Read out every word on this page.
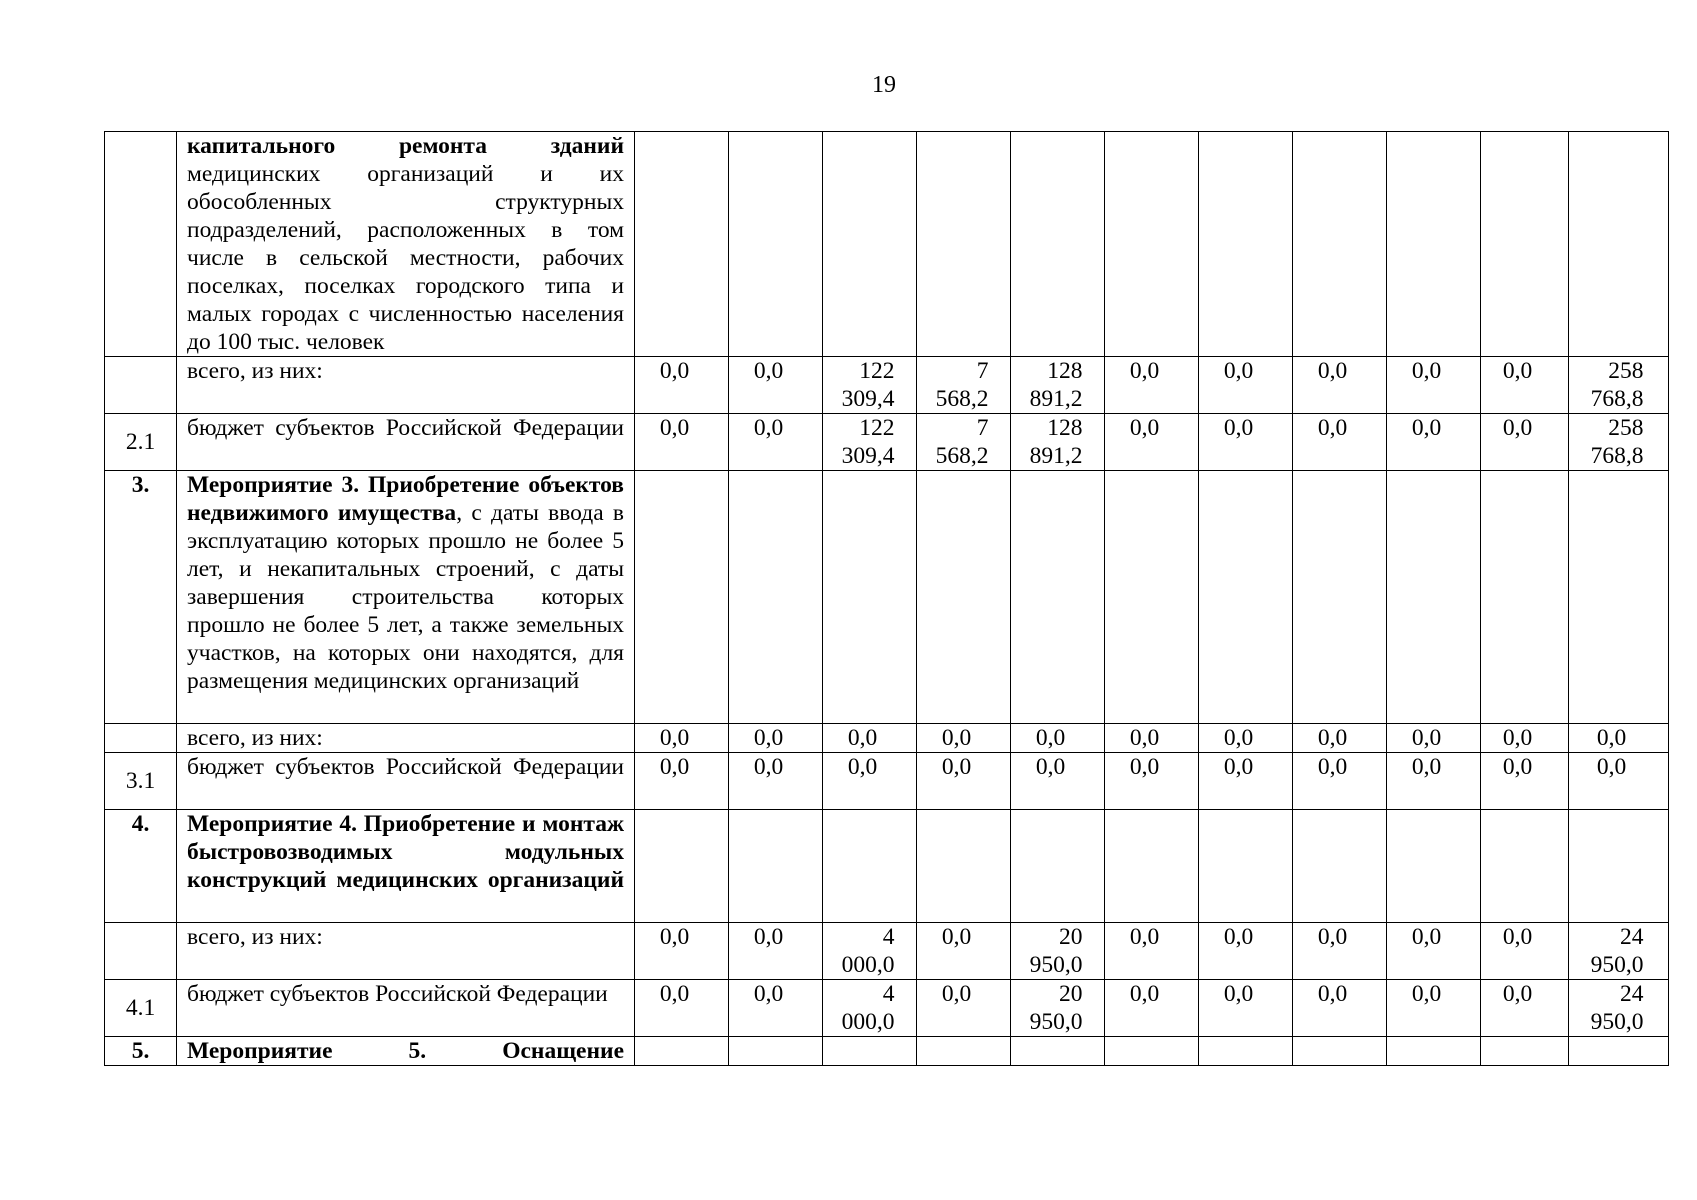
19
	капитального ремонта зданий медицинских организаций и их обособленных структурных подразделений, расположенных в том числе в сельской местности, рабочих поселках, поселках городского типа и малых городах с численностью населения до 100 тыс. человек											
	всего, из них:	0,0	0,0	122 309,4	7 568,2	128 891,2	0,0	0,0	0,0	0,0	0,0	258 768,8
2.1	бюджет субъектов Российской Федерации	0,0	0,0	122 309,4	7 568,2	128 891,2	0,0	0,0	0,0	0,0	0,0	258 768,8
3.	Мероприятие 3. Приобретение объектов недвижимого имущества, с даты ввода в эксплуатацию которых прошло не более 5 лет, и некапитальных строений, с даты завершения строительства которых прошло не более 5 лет, а также земельных участков, на которых они находятся, для размещения медицинских организаций											
	всего, из них:	0,0	0,0	0,0	0,0	0,0	0,0	0,0	0,0	0,0	0,0	0,0
3.1	бюджет субъектов Российской Федерации	0,0	0,0	0,0	0,0	0,0	0,0	0,0	0,0	0,0	0,0	0,0
4.	Мероприятие 4. Приобретение и монтаж быстровозводимых модульных конструкций медицинских организаций											
	всего, из них:	0,0	0,0	4 000,0	0,0	20 950,0	0,0	0,0	0,0	0,0	0,0	24 950,0
4.1	бюджет субъектов Российской Федерации	0,0	0,0	4 000,0	0,0	20 950,0	0,0	0,0	0,0	0,0	0,0	24 950,0
5.	Мероприятие 5. Оснащение											
